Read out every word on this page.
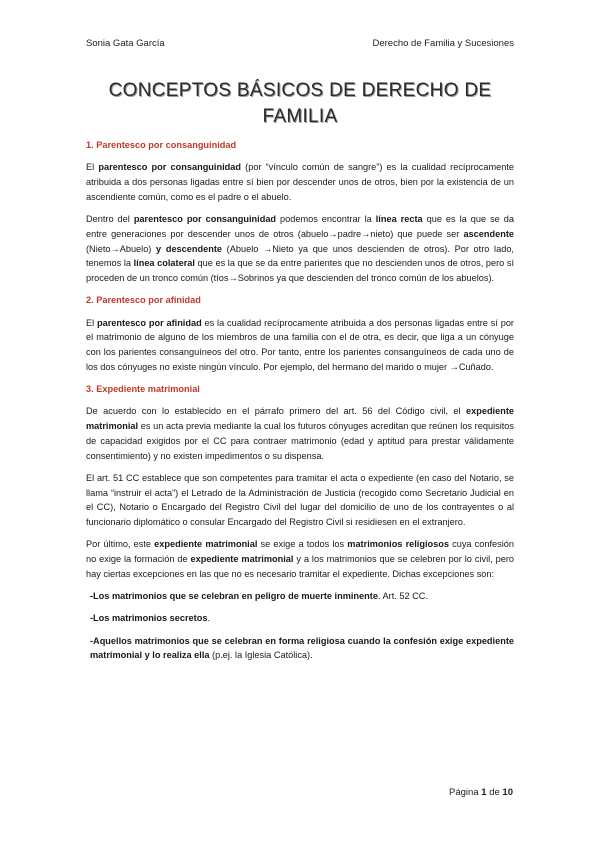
Sonia Gata García	Derecho de Familia y Sucesiones
CONCEPTOS BÁSICOS DE DERECHO DE
FAMILIA
1. Parentesco por consanguinidad

El parentesco por consanguinidad (por “vínculo común de sangre”) es la cualidad recíprocamente atribuida a dos personas ligadas entre sí bien por descender unos de otros, bien por la existencia de un ascendiente común, como es el padre o el abuelo.

Dentro del parentesco por consanguinidad podemos encontrar la línea recta que es la que se da entre generaciones por descender unos de otros (abuelo→padre→nieto) que puede ser ascendente (Nieto→Abuelo) y descendente (Abuelo →Nieto ya que unos descienden de otros). Por otro lado, tenemos la línea colateral que es la que se da entre parientes que no descienden unos de otros, pero sí proceden de un tronco común (tíos→Sobrinos ya que descienden del tronco común de los abuelos).

2. Parentesco por afinidad

El parentesco por afinidad es la cualidad recíprocamente atribuida a dos personas ligadas entre sí por el matrimonio de alguno de los miembros de una familia con el de otra, es decir, que liga a un cónyuge con los parientes consanguíneos del otro. Por tanto, entre los parientes consanguíneos de cada uno de los dos cónyuges no existe ningún vínculo. Por ejemplo, del hermano del marido o mujer →Cuñado.

3. Expediente matrimonial

De acuerdo con lo establecido en el párrafo primero del art. 56 del Código civil, el expediente matrimonial es un acta previa mediante la cual los futuros cónyuges acreditan que reúnen los requisitos de capacidad exigidos por el CC para contraer matrimonio (edad y aptitud para prestar válidamente consentimiento) y no existen impedimentos o su dispensa.

El art. 51 CC establece que son competentes para tramitar el acta o expediente (en caso del Notario, se llama “instruir el acta”) el Letrado de la Administración de Justicia (recogido como Secretario Judicial en el CC), Notario o Encargado del Registro Civil del lugar del domicilio de uno de los contrayentes o al funcionario diplomático o consular Encargado del Registro Civil si residiesen en el extranjero.

Por último, este expediente matrimonial se exige a todos los matrimonios religiosos cuya confesión no exige la formación de expediente matrimonial y a los matrimonios que se celebren por lo civil, pero hay ciertas excepciones en las que no es necesario tramitar el expediente. Dichas excepciones son:

-Los matrimonios que se celebran en peligro de muerte inminente. Art. 52 CC.

-Los matrimonios secretos.

-Aquellos matrimonios que se celebran en forma religiosa cuando la confesión exige expediente matrimonial y lo realiza ella (p.ej. la Iglesia Católica).

Página 1 de 10
